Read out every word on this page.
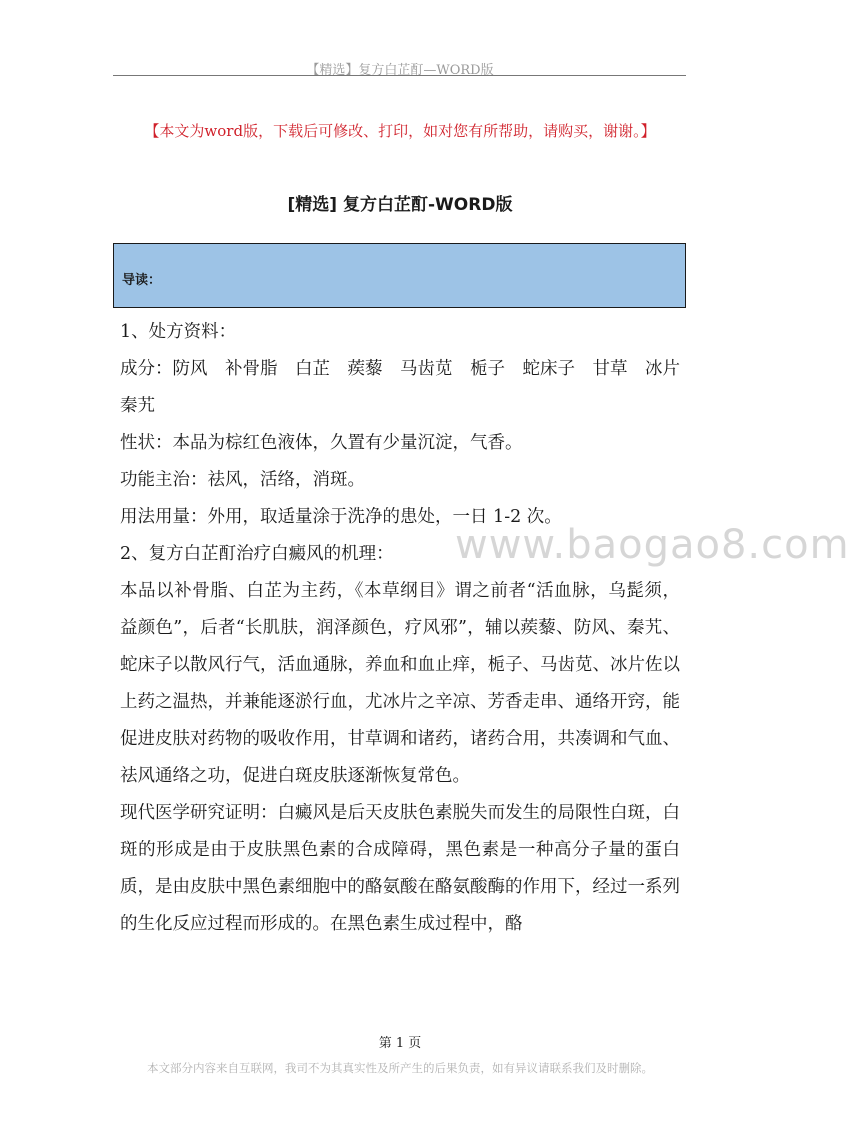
【精选】复方白芷酊—WORD版
【本文为word版，下载后可修改、打印，如对您有所帮助，请购买，谢谢。】
[精选] 复方白芷酊-WORD版
导读：

1、处方资料：

成分：防风　补骨脂　白芷　蒺藜　马齿苋　栀子　蛇床子　甘草　冰片　秦艽

性状：本品为棕红色液体，久置有少量沉淀，气香。

功能主治：祛风，活络，消斑。

用法用量：外用，取适量涂于洗净的患处，一日 1-2 次。

2、复方白芷酊治疗白癜风的机理：

本品以补骨脂、白芷为主药，《本草纲目》谓之前者“活血脉，乌髭须，益颜色”，后者“长肌肤，润泽颜色，疗风邪”，辅以蒺藜、防风、秦艽、蛇床子以散风行气，活血通脉，养血和血止痒，栀子、马齿苋、冰片佐以上药之温热，并兼能逐淤行血，尤冰片之辛凉、芳香走串、通络开窍，能促进皮肤对药物的吸收作用，甘草调和诸药，诸药合用，共凑调和气血、祛风通络之功，促进白斑皮肤逐渐恢复常色。

现代医学研究证明：白癜风是后天皮肤色素脱失而发生的局限性白斑，白斑的形成是由于皮肤黑色素的合成障碍，黑色素是一种高分子量的蛋白质，是由皮肤中黑色素细胞中的酪氨酸在酪氨酸酶的作用下，经过一系列的生化反应过程而形成的。在黑色素生成过程中，酪

www.baogao8.com
第 1 页
本文部分内容来自互联网，我司不为其真实性及所产生的后果负责，如有异议请联系我们及时删除。
